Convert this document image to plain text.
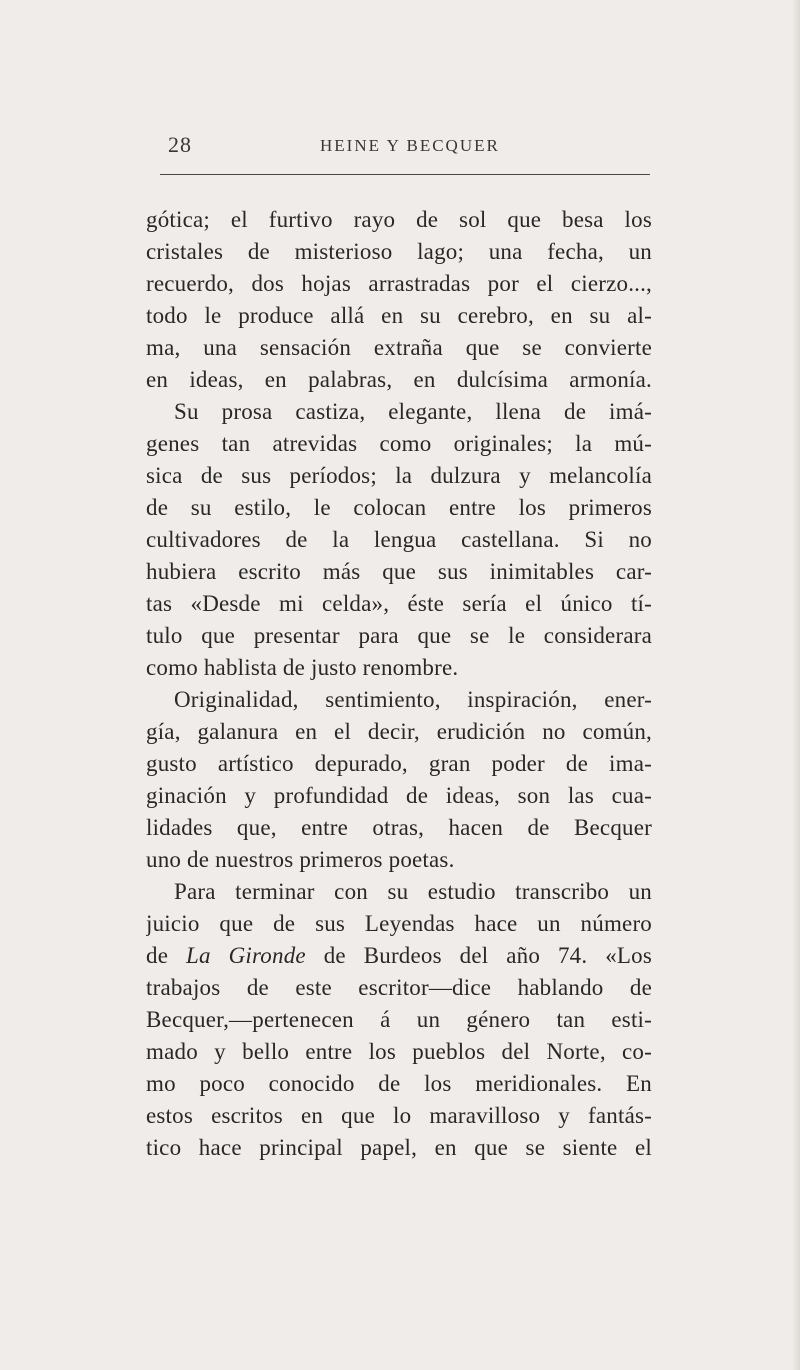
28	HEINE Y BECQUER
gótica; el furtivo rayo de sol que besa los
cristales de misterioso lago; una fecha, un
recuerdo, dos hojas arrastradas por el cierzo...,
todo le produce allá en su cerebro, en su al-
ma, una sensación extraña que se convierte
en ideas, en palabras, en dulcísima armonía.
Su prosa castiza, elegante, llena de imá-
genes tan atrevidas como originales; la mú-
sica de sus períodos; la dulzura y melancolía
de su estilo, le colocan entre los primeros
cultivadores de la lengua castellana. Si no
hubiera escrito más que sus inimitables car-
tas «Desde mi celda», éste sería el único tí-
tulo que presentar para que se le considerara
como hablista de justo renombre.
Originalidad, sentimiento, inspiración, ener-
gía, galanura en el decir, erudición no común,
gusto artístico depurado, gran poder de ima-
ginación y profundidad de ideas, son las cua-
lidades que, entre otras, hacen de Becquer
uno de nuestros primeros poetas.
Para terminar con su estudio transcribo un
juicio que de sus Leyendas hace un número
de La Gironde de Burdeos del año 74. «Los
trabajos de este escritor—dice hablando de
Becquer,—pertenecen á un género tan esti-
mado y bello entre los pueblos del Norte, co-
mo poco conocido de los meridionales. En
estos escritos en que lo maravilloso y fantás-
tico hace principal papel, en que se siente el
